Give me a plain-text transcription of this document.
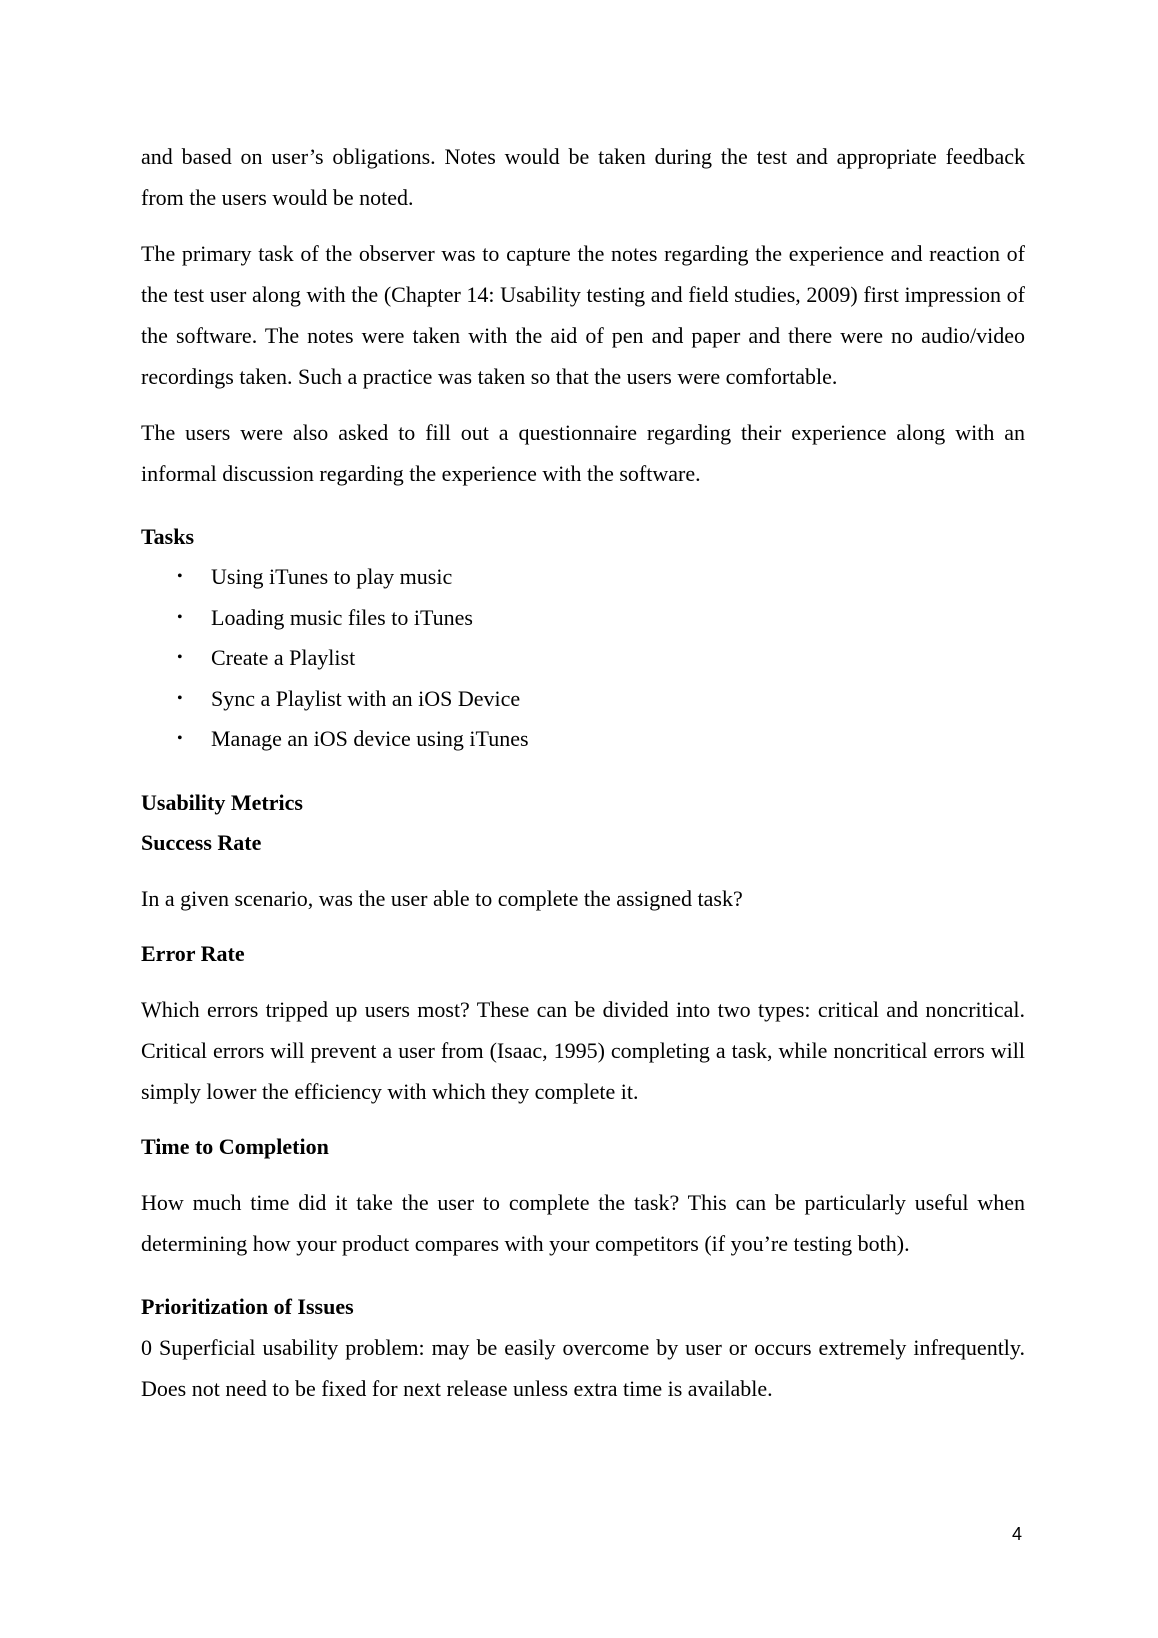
and based on user’s obligations. Notes would be taken during the test and appropriate feedback from the users would be noted.

The primary task of the observer was to capture the notes regarding the experience and reaction of the test user along with the (Chapter 14: Usability testing and field studies, 2009) first impression of the software. The notes were taken with the aid of pen and paper and there were no audio/video recordings taken. Such a practice was taken so that the users were comfortable.

The users were also asked to fill out a questionnaire regarding their experience along with an informal discussion regarding the experience with the software.

Tasks
• Using iTunes to play music
• Loading music files to iTunes
• Create a Playlist
• Sync a Playlist with an iOS Device
• Manage an iOS device using iTunes
Usability Metrics
Success Rate

In a given scenario, was the user able to complete the assigned task?

Error Rate

Which errors tripped up users most? These can be divided into two types: critical and noncritical. Critical errors will prevent a user from (Isaac, 1995) completing a task, while noncritical errors will simply lower the efficiency with which they complete it.

Time to Completion

How much time did it take the user to complete the task? This can be particularly useful when determining how your product compares with your competitors (if you’re testing both).

Prioritization of Issues

0 Superficial usability problem: may be easily overcome by user or occurs extremely infrequently. Does not need to be fixed for next release unless extra time is available.

4
